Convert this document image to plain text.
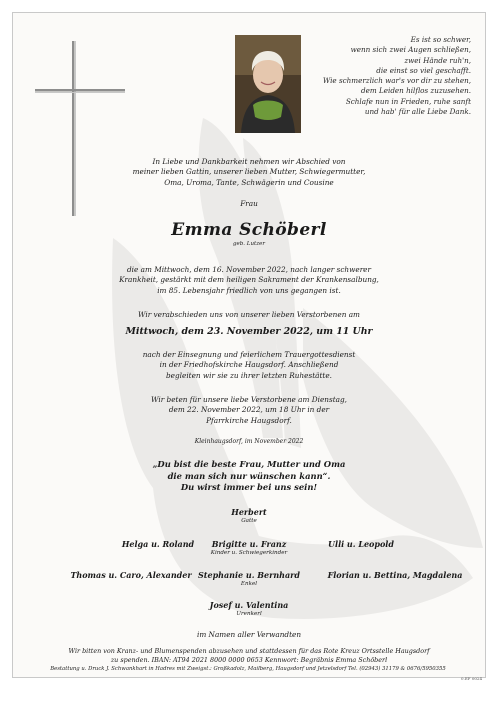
Es ist so schwer,
wenn sich zwei Augen schließen,
zwei Hände ruh'n,
die einst so viel geschafft.
Wie schmerzlich war's vor dir zu stehen,
dem Leiden hilflos zuzusehen.
Schlafe nun in Frieden, ruhe sanft
und hab' für alle Liebe Dank.
In Liebe und Dankbarkeit nehmen wir Abschied von
meiner lieben Gattin, unserer lieben Mutter, Schwiegermutter,
Oma, Uroma, Tante, Schwägerin und Cousine
Frau
Emma Schöberl
geb. Lutzer
die am Mittwoch, dem 16. November 2022, nach langer schwerer
Krankheit, gestärkt mit dem heiligen Sakrament der Krankensalbung,
im 85. Lebensjahr friedlich von uns gegangen ist.
Wir verabschieden uns von unserer lieben Verstorbenen am
Mittwoch, dem 23. November 2022, um 11 Uhr
nach der Einsegnung und feierlichem Trauergottesdienst
in der Friedhofskirche Haugsdorf. Anschließend
begleiten wir sie zu ihrer letzten Ruhestätte.
Wir beten für unsere liebe Verstorbene am Dienstag,
dem 22. November 2022, um 18 Uhr in der
Pfarrkirche Haugsdorf.
Kleinhaugsdorf, im November 2022
„Du bist die beste Frau, Mutter und Oma
die man sich nur wünschen kann“.
Du wirst immer bei uns sein!
Herbert
Gatte
Helga u. Roland	Brigitte u. Franz
Kinder u. Schwiegerkinder
Ulli u. Leopold
Thomas u. Caro, Alexander Stephanie u. Bernhard
Enkel
Florian u. Bettina, Magdalena
Josef u. Valentina
Urenkerl
im Namen aller Verwandten
Wir bitten von Kranz- und Blumenspenden abzusehen und stattdessen für das Rote Kreuz Ortsstelle Haugsdorf
zu spenden. IBAN: AT94 2021 8000 0000 0653 Kennwort: Begräbnis Emma Schöberl
Bestattung u. Druck J. Schwankhart in Hadres mit Zweigst.: Großkadolz, Mailberg, Haugsdorf und Jetzelsdorf Tel. (02943) 31179 & 0676/5950355
0.EF 0024
